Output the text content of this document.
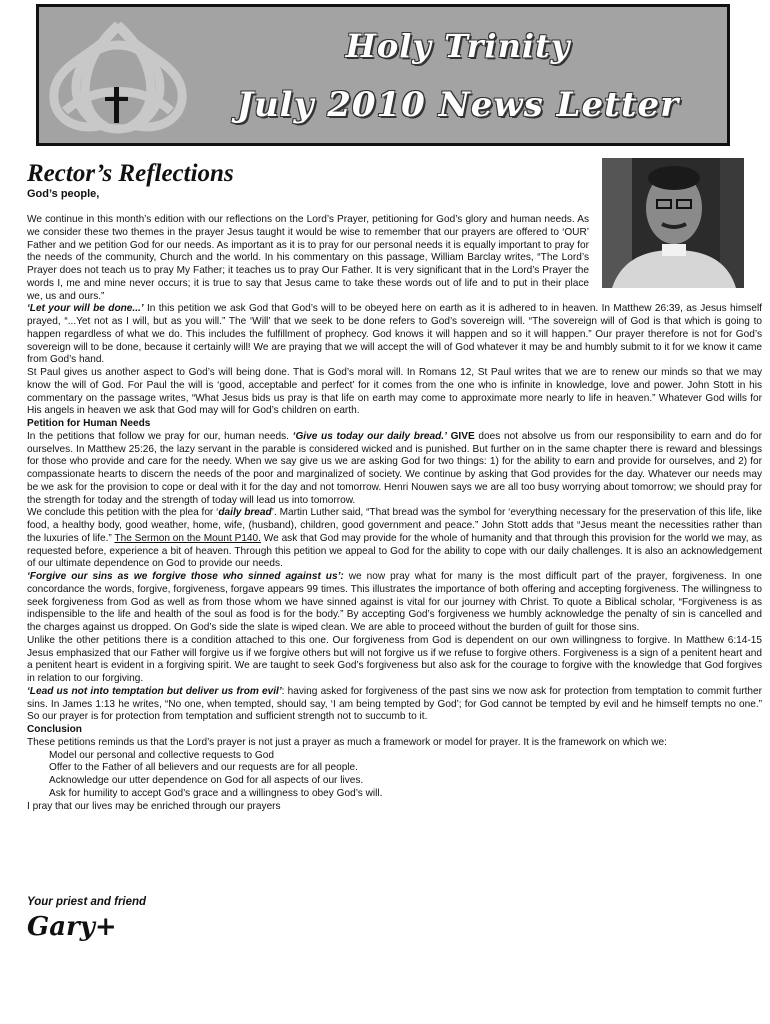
Holy Trinity
July 2010 News Letter
Rector’s Reflections

God’s people,

We continue in this month’s edition with our reflections on the Lord’s Prayer, petitioning for God’s glory and human needs. As we consider these two themes in the prayer Jesus taught it would be wise to remember that our prayers are offered to ‘OUR’ Father and we petition God for our needs. As important as it is to pray for our personal needs it is equally important to pray for the needs of the community, Church and the world. In his commentary on this passage, William Barclay writes, “The Lord’s Prayer does not teach us to pray My Father; it teaches us to pray Our Father. It is very significant that in the Lord’s Prayer the words I, me and mine never occurs; it is true to say that Jesus came to take these words out of life and to put in their place we, us and ours.”

‘Let your will be done...’ In this petition we ask God that God’s will to be obeyed here on earth as it is adhered to in heaven. In Matthew 26:39, as Jesus himself prayed, “...Yet not as I will, but as you will.” The ‘Will’ that we seek to be done refers to God’s sovereign will. “The sovereign will of God is that which is going to happen regardless of what we do. This includes the fulfillment of prophecy. God knows it will happen and so it will happen.” Our prayer therefore is not for God’s sovereign will to be done, because it certainly will! We are praying that we will accept the will of God whatever it may be and humbly submit to it for we know it came from God’s hand.

St Paul gives us another aspect to God’s will being done. That is God’s moral will. In Romans 12, St Paul writes that we are to renew our minds so that we may know the will of God. For Paul the will is ‘good, acceptable and perfect’ for it comes from the one who is infinite in knowledge, love and power. John Stott in his commentary on the passage writes, “What Jesus bids us pray is that life on earth may come to approximate more nearly to life in heaven.” Whatever God wills for His angels in heaven we ask that God may will for God’s children on earth.

Petition for Human Needs

In the petitions that follow we pray for our, human needs. ‘Give us today our daily bread.’ GIVE does not absolve us from our responsibility to earn and do for ourselves. In Matthew 25:26, the lazy servant in the parable is considered wicked and is punished. But further on in the same chapter there is reward and blessings for those who provide and care for the needy. When we say give us we are asking God for two things: 1) for the ability to earn and provide for ourselves, and 2) for compassionate hearts to discern the needs of the poor and marginalized of society. We continue by asking that God provides for the day. Whatever our needs may be we ask for the provision to cope or deal with it for the day and not tomorrow. Henri Nouwen says we are all too busy worrying about tomorrow; we should pray for the strength for today and the strength of today will lead us into tomorrow.

We conclude this petition with the plea for ‘daily bread’. Martin Luther said, “That bread was the symbol for ‘everything necessary for the preservation of this life, like food, a healthy body, good weather, home, wife, (husband), children, good government and peace.” John Stott adds that “Jesus meant the necessities rather than the luxuries of life.” The Sermon on the Mount P140. We ask that God may provide for the whole of humanity and that through this provision for the world we may, as requested before, experience a bit of heaven. Through this petition we appeal to God for the ability to cope with our daily challenges. It is also an acknowledgement of our ultimate dependence on God to provide our needs.

‘Forgive our sins as we forgive those who sinned against us’: we now pray what for many is the most difficult part of the prayer, forgiveness. In one concordance the words, forgive, forgiveness, forgave appears 99 times. This illustrates the importance of both offering and accepting forgiveness. The willingness to seek forgiveness from God as well as from those whom we have sinned against is vital for our journey with Christ. To quote a Biblical scholar, “Forgiveness is as indispensible to the life and health of the soul as food is for the body.” By accepting God’s forgiveness we humbly acknowledge the penalty of sin is cancelled and the charges against us dropped. On God’s side the slate is wiped clean. We are able to proceed without the burden of guilt for those sins.

Unlike the other petitions there is a condition attached to this one. Our forgiveness from God is dependent on our own willingness to forgive. In Matthew 6:14-15 Jesus emphasized that our Father will forgive us if we forgive others but will not forgive us if we refuse to forgive others. Forgiveness is a sign of a penitent heart and a penitent heart is evident in a forgiving spirit. We are taught to seek God’s forgiveness but also ask for the courage to forgive with the knowledge that God forgives in relation to our forgiving.

‘Lead us not into temptation but deliver us from evil’: having asked for forgiveness of the past sins we now ask for protection from temptation to commit further sins. In James 1:13 he writes, “No one, when tempted, should say, ‘I am being tempted by God’; for God cannot be tempted by evil and he himself tempts no one.” So our prayer is for protection from temptation and sufficient strength not to succumb to it.

Conclusion

These petitions reminds us that the Lord’s prayer is not just a prayer as much a framework or model for prayer. It is the framework on which we:

Model our personal and collective requests to God

Offer to the Father of all believers and our requests are for all people.

Acknowledge our utter dependence on God for all aspects of our lives.

Ask for humility to accept God’s grace and a willingness to obey God’s will.

I pray that our lives may be enriched through our prayers

Your priest and friend

Gary+
